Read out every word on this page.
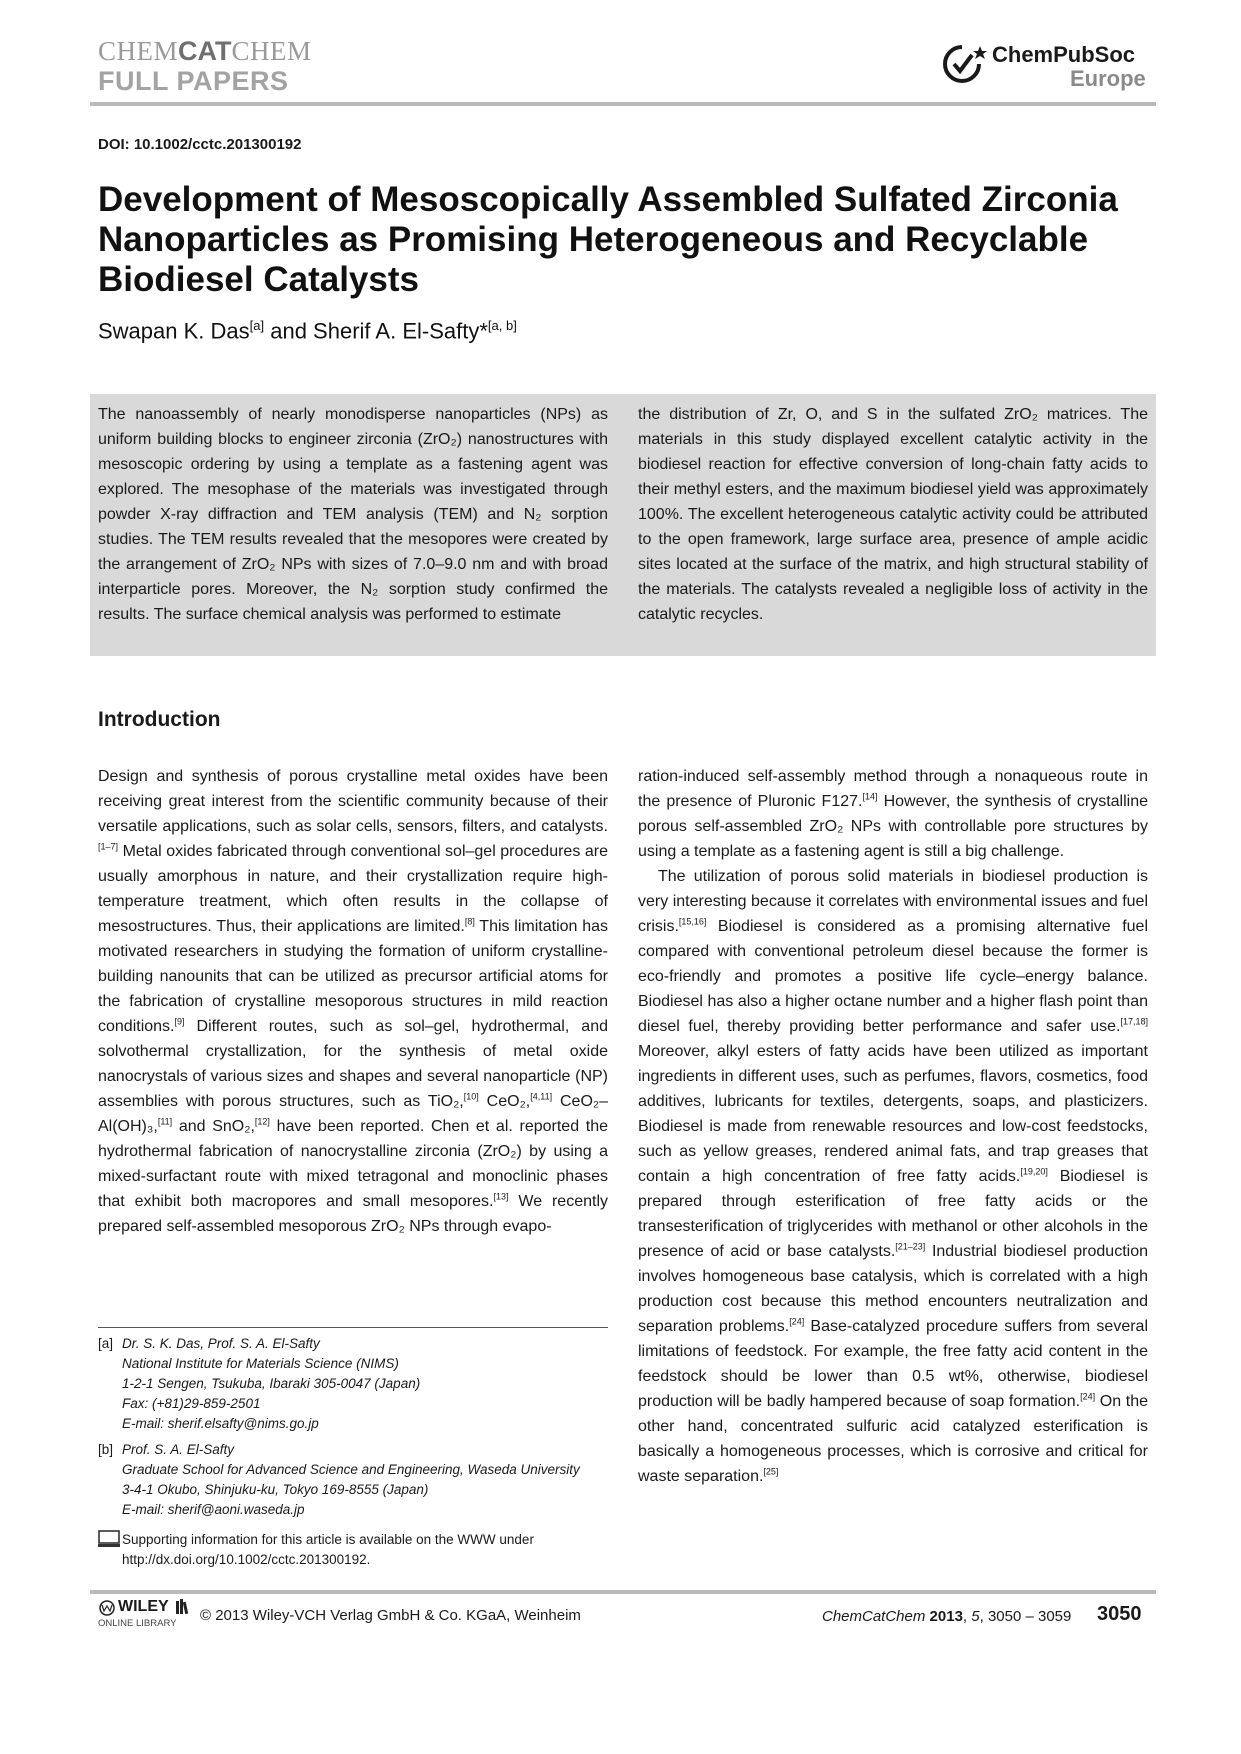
CHEMCATCHEM
FULL PAPERS
ChemPubSoc
Europe
DOI: 10.1002/cctc.201300192
Development of Mesoscopically Assembled Sulfated Zirconia Nanoparticles as Promising Heterogeneous and Recyclable Biodiesel Catalysts
Swapan K. Das[a] and Sherif A. El-Safty*[a, b]

The nanoassembly of nearly monodisperse nanoparticles (NPs) as uniform building blocks to engineer zirconia (ZrO₂) nanostructures with mesoscopic ordering by using a template as a fastening agent was explored. The mesophase of the materials was investigated through powder X-ray diffraction and TEM analysis (TEM) and N₂ sorption studies. The TEM results revealed that the mesopores were created by the arrangement of ZrO₂ NPs with sizes of 7.0–9.0 nm and with broad interparticle pores. Moreover, the N₂ sorption study confirmed the results. The surface chemical analysis was performed to estimate

the distribution of Zr, O, and S in the sulfated ZrO₂ matrices. The materials in this study displayed excellent catalytic activity in the biodiesel reaction for effective conversion of long-chain fatty acids to their methyl esters, and the maximum biodiesel yield was approximately 100%. The excellent heterogeneous catalytic activity could be attributed to the open framework, large surface area, presence of ample acidic sites located at the surface of the matrix, and high structural stability of the materials. The catalysts revealed a negligible loss of activity in the catalytic recycles.

Introduction

Design and synthesis of porous crystalline metal oxides have been receiving great interest from the scientific community because of their versatile applications, such as solar cells, sensors, filters, and catalysts.[1–7] Metal oxides fabricated through conventional sol–gel procedures are usually amorphous in nature, and their crystallization require high-temperature treatment, which often results in the collapse of mesostructures. Thus, their applications are limited.[8] This limitation has motivated researchers in studying the formation of uniform crystalline-building nanounits that can be utilized as precursor artificial atoms for the fabrication of crystalline mesoporous structures in mild reaction conditions.[9] Different routes, such as sol–gel, hydrothermal, and solvothermal crystallization, for the synthesis of metal oxide nanocrystals of various sizes and shapes and several nanoparticle (NP) assemblies with porous structures, such as TiO₂,[10] CeO₂,[4,11] CeO₂–Al(OH)₃,[11] and SnO₂,[12] have been reported. Chen et al. reported the hydrothermal fabrication of nanocrystalline zirconia (ZrO₂) by using a mixed-surfactant route with mixed tetragonal and monoclinic phases that exhibit both macropores and small mesopores.[13] We recently prepared self-assembled mesoporous ZrO₂ NPs through evapo-

ration-induced self-assembly method through a nonaqueous route in the presence of Pluronic F127.[14] However, the synthesis of crystalline porous self-assembled ZrO₂ NPs with controllable pore structures by using a template as a fastening agent is still a big challenge.

The utilization of porous solid materials in biodiesel production is very interesting because it correlates with environmental issues and fuel crisis.[15,16] Biodiesel is considered as a promising alternative fuel compared with conventional petroleum diesel because the former is eco-friendly and promotes a positive life cycle–energy balance. Biodiesel has also a higher octane number and a higher flash point than diesel fuel, thereby providing better performance and safer use.[17,18] Moreover, alkyl esters of fatty acids have been utilized as important ingredients in different uses, such as perfumes, flavors, cosmetics, food additives, lubricants for textiles, detergents, soaps, and plasticizers. Biodiesel is made from renewable resources and low-cost feedstocks, such as yellow greases, rendered animal fats, and trap greases that contain a high concentration of free fatty acids.[19,20] Biodiesel is prepared through esterification of free fatty acids or the transesterification of triglycerides with methanol or other alcohols in the presence of acid or base catalysts.[21–23] Industrial biodiesel production involves homogeneous base catalysis, which is correlated with a high production cost because this method encounters neutralization and separation problems.[24] Base-catalyzed procedure suffers from several limitations of feedstock. For example, the free fatty acid content in the feedstock should be lower than 0.5 wt%, otherwise, biodiesel production will be badly hampered because of soap formation.[24] On the other hand, concentrated sulfuric acid catalyzed esterification is basically a homogeneous processes, which is corrosive and critical for waste separation.[25]

[a] Dr. S. K. Das, Prof. S. A. El-Safty
National Institute for Materials Science (NIMS)
1-2-1 Sengen, Tsukuba, Ibaraki 305-0047 (Japan)
Fax: (+81)29-859-2501
E-mail: sherif.elsafty@nims.go.jp
[b] Prof. S. A. El-Safty
Graduate School for Advanced Science and Engineering, Waseda University
3-4-1 Okubo, Shinjuku-ku, Tokyo 169-8555 (Japan)
E-mail: sherif@aoni.waseda.jp
Supporting information for this article is available on the WWW under
http://dx.doi.org/10.1002/cctc.201300192.
WILEY
ONLINE LIBRARY © 2013 Wiley-VCH Verlag GmbH & Co. KGaA, Weinheim	ChemCatChem 2013, 5, 3050 – 3059 3050
